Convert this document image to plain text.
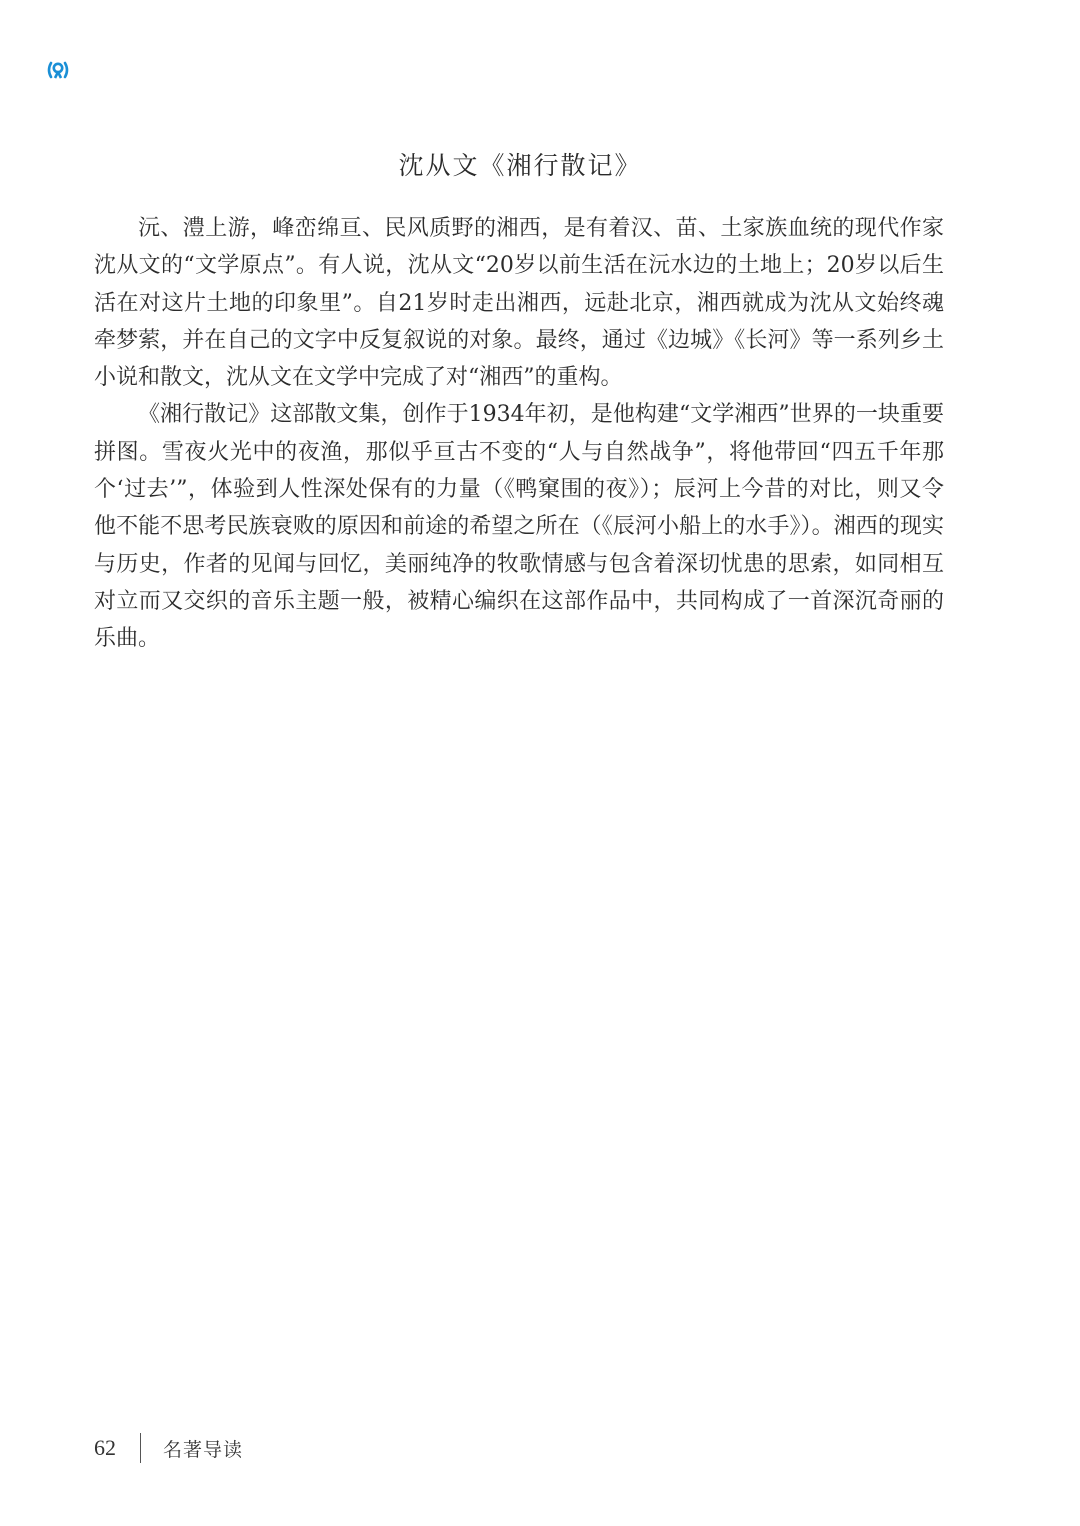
沈从文《湘行散记》

沅、澧上游，峰峦绵亘、民风质野的湘西，是有着汉、苗、土家族血统的现代作家沈从文的“文学原点”。有人说，沈从文“20岁以前生活在沅水边的土地上；20岁以后生活在对这片土地的印象里”。自21岁时走出湘西，远赴北京，湘西就成为沈从文始终魂牵梦萦，并在自己的文字中反复叙说的对象。最终，通过《边城》《长河》等一系列乡土小说和散文，沈从文在文学中完成了对“湘西”的重构。

《湘行散记》这部散文集，创作于1934年初，是他构建“文学湘西”世界的一块重要拼图。雪夜火光中的夜渔，那似乎亘古不变的“人与自然战争”，将他带回“四五千年那个‘过去’”，体验到人性深处保有的力量（《鸭窠围的夜》）；辰河上今昔的对比，则又令他不能不思考民族衰败的原因和前途的希望之所在（《辰河小船上的水手》）。湘西的现实与历史，作者的见闻与回忆，美丽纯净的牧歌情感与包含着深切忧患的思索，如同相互对立而又交织的音乐主题一般，被精心编织在这部作品中，共同构成了一首深沉奇丽的乐曲。

62 名著导读
